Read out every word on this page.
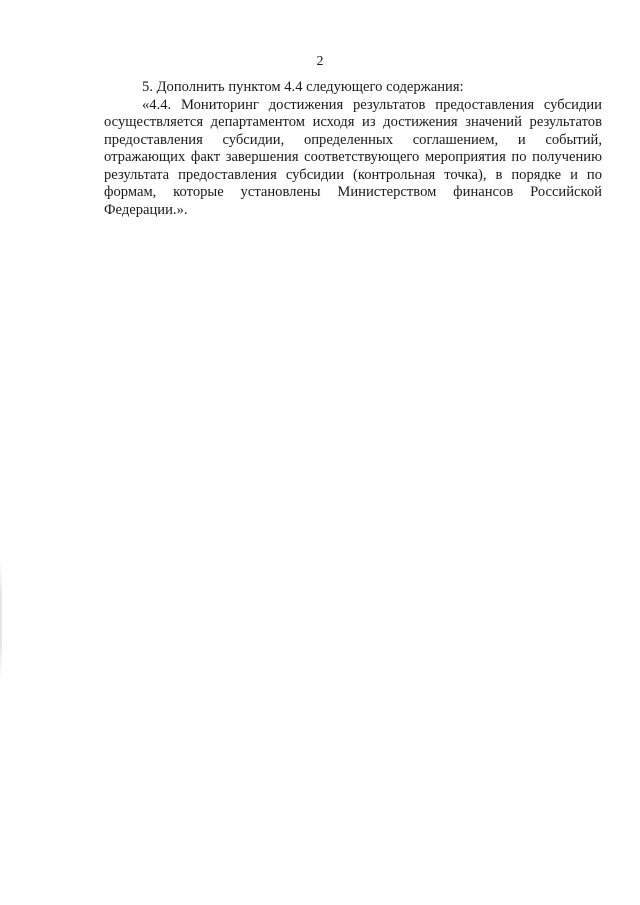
2

5. Дополнить пунктом 4.4 следующего содержания:

«4.4. Мониторинг достижения результатов предоставления субсидии осуществляется департаментом исходя из достижения значений результатов предоставления субсидии, определенных соглашением, и событий, отражающих факт завершения соответствующего мероприятия по получению результата предоставления субсидии (контрольная точка), в порядке и по формам, которые установлены Министерством финансов Российской Федерации.».
